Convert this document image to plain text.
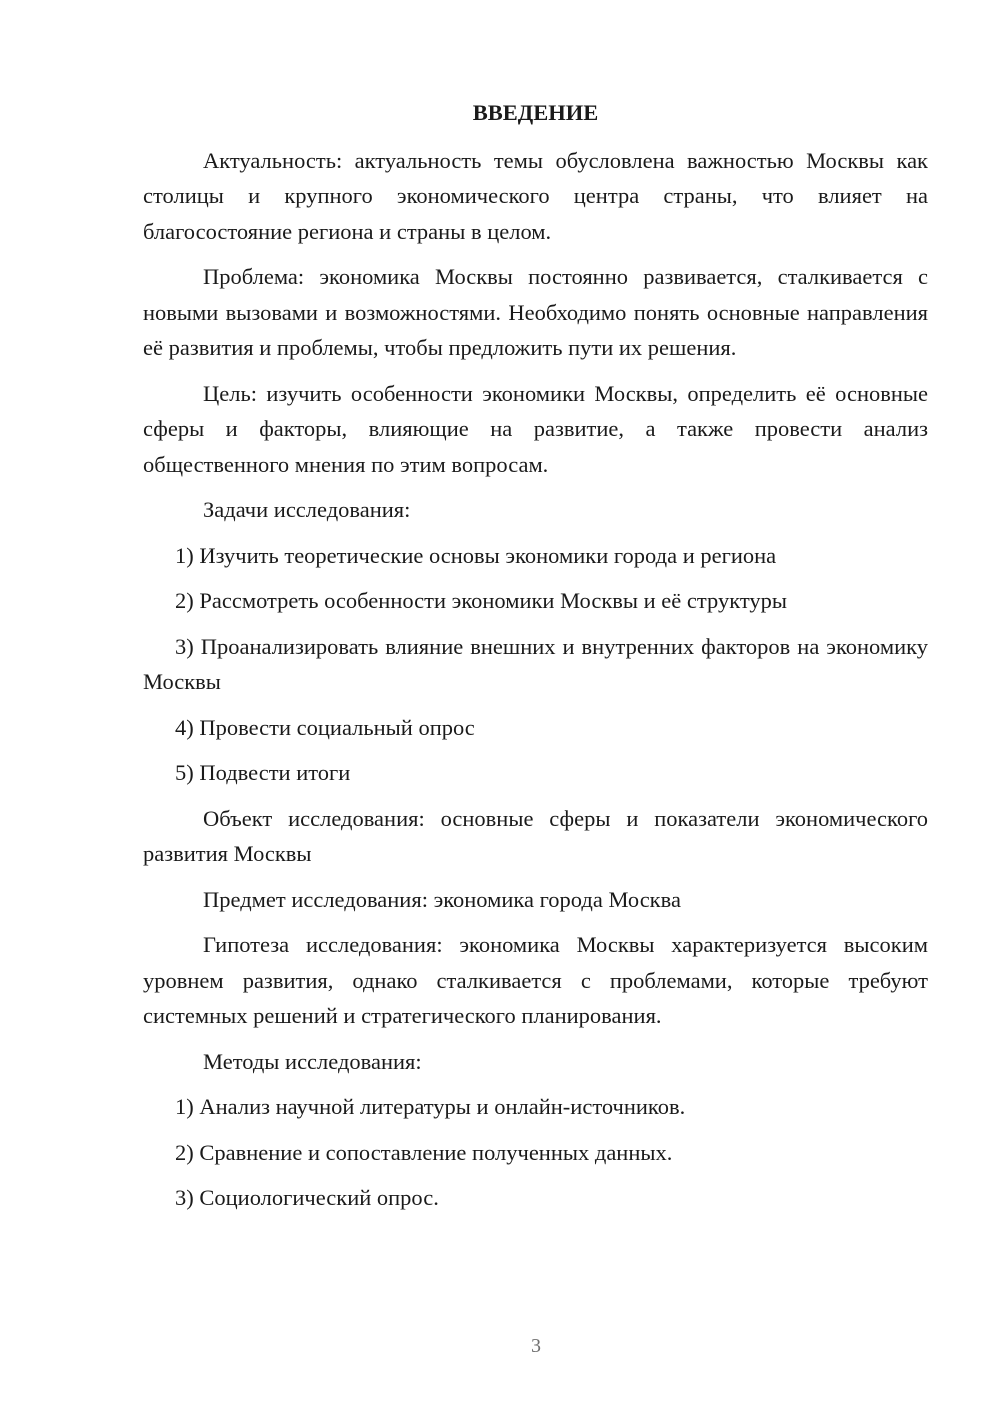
ВВЕДЕНИЕ

Актуальность: актуальность темы обусловлена важностью Москвы как столицы и крупного экономического центра страны, что влияет на благосостояние региона и страны в целом.

Проблема: экономика Москвы постоянно развивается, сталкивается с новыми вызовами и возможностями. Необходимо понять основные направления её развития и проблемы, чтобы предложить пути их решения.

Цель: изучить особенности экономики Москвы, определить её основные сферы и факторы, влияющие на развитие, а также провести анализ общественного мнения по этим вопросам.

Задачи исследования:

1) Изучить теоретические основы экономики города и региона

2) Рассмотреть особенности экономики Москвы и её структуры

3) Проанализировать влияние внешних и внутренних факторов на экономику Москвы

4) Провести социальный опрос

5) Подвести итоги

Объект исследования: основные сферы и показатели экономического развития Москвы

Предмет исследования: экономика города Москва

Гипотеза исследования: экономика Москвы характеризуется высоким уровнем развития, однако сталкивается с проблемами, которые требуют системных решений и стратегического планирования.

Методы исследования:

1) Анализ научной литературы и онлайн-источников.

2) Сравнение и сопоставление полученных данных.

3) Социологический опрос.

3
